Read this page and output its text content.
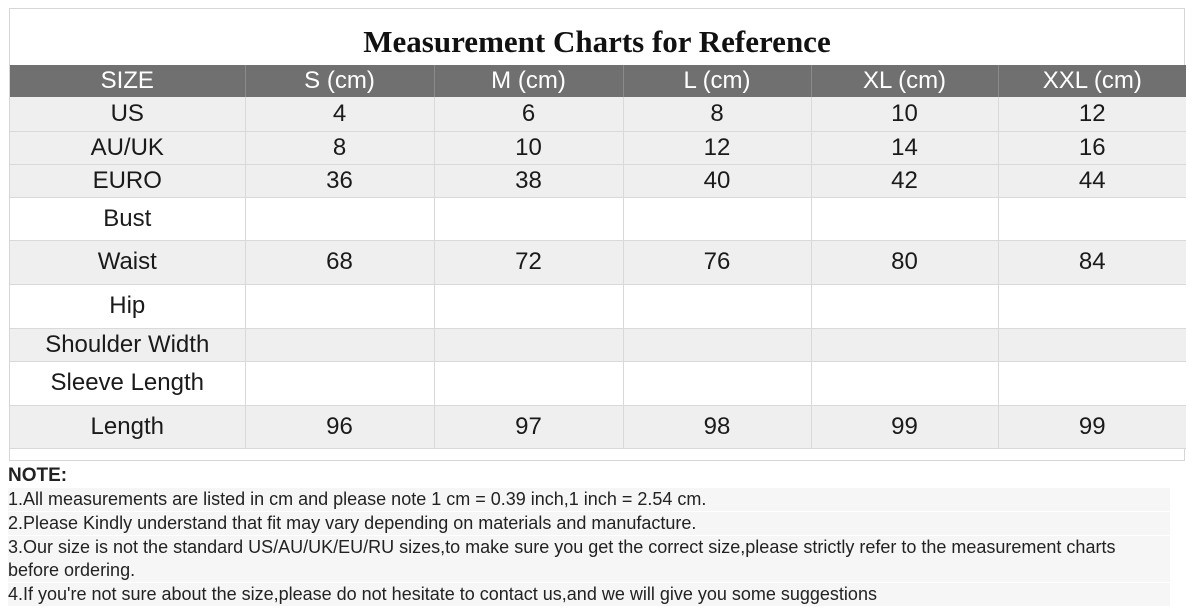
Measurement Charts for Reference
SIZE	S (cm)	M (cm)	L (cm)	XL (cm)	XXL (cm)
US	4	6	8	10	12
AU/UK	8	10	12	14	16
EURO	36	38	40	42	44
Bust					
Waist	68	72	76	80	84
Hip					
Shoulder Width					
Sleeve Length					
Length	96	97	98	99	99
NOTE:
1.All measurements are listed in cm and please note 1 cm = 0.39 inch,1 inch = 2.54 cm.
2.Please Kindly understand that fit may vary depending on materials and manufacture.
3.Our size is not the standard US/AU/UK/EU/RU sizes,to make sure you get the correct size,please strictly refer to the measurement charts before ordering.
4.If you're not sure about the size,please do not hesitate to contact us,and we will give you some suggestions
